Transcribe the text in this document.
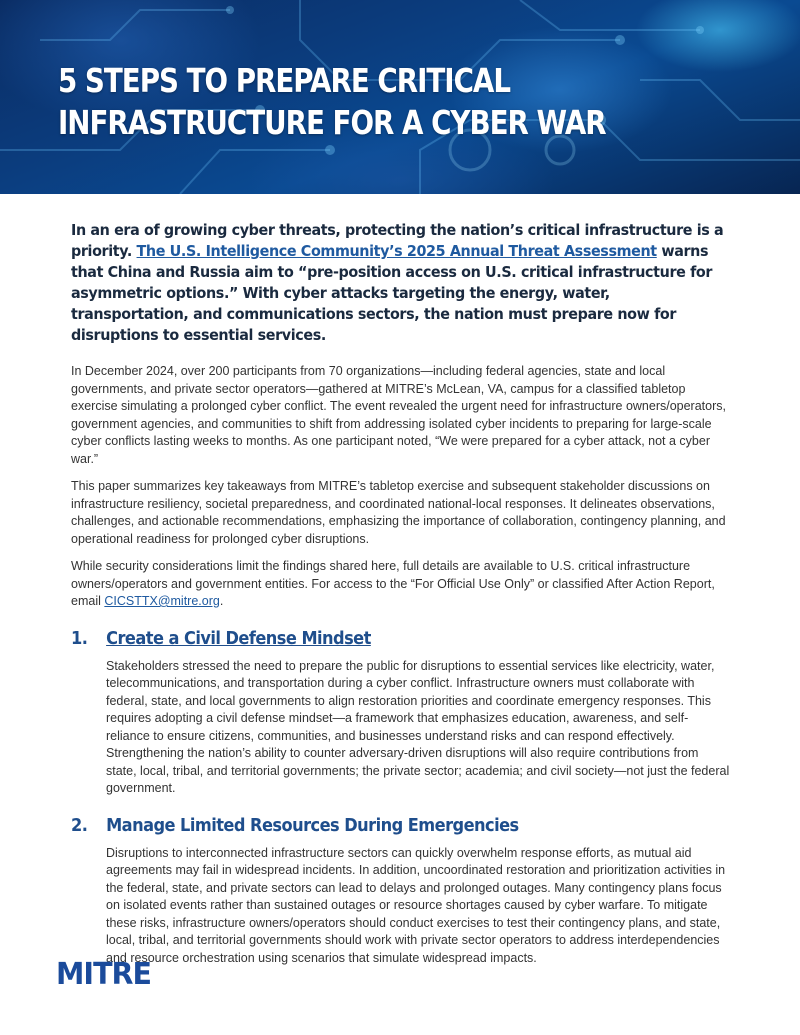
5 STEPS TO PREPARE CRITICAL
INFRASTRUCTURE FOR A CYBER WAR

In an era of growing cyber threats, protecting the nation’s critical infrastructure is a priority. The U.S. Intelligence Community’s 2025 Annual Threat Assessment warns that China and Russia aim to “pre-position access on U.S. critical infrastructure for asymmetric options.” With cyber attacks targeting the energy, water, transportation, and communications sectors, the nation must prepare now for disruptions to essential services.

In December 2024, over 200 participants from 70 organizations—including federal agencies, state and local governments, and private sector operators—gathered at MITRE’s McLean, VA, campus for a classified tabletop exercise simulating a prolonged cyber conflict. The event revealed the urgent need for infrastructure owners/operators, government agencies, and communities to shift from addressing isolated cyber incidents to preparing for large-scale cyber conflicts lasting weeks to months. As one participant noted, “We were prepared for a cyber attack, not a cyber war.”

This paper summarizes key takeaways from MITRE’s tabletop exercise and subsequent stakeholder discussions on infrastructure resiliency, societal preparedness, and coordinated national-local responses. It delineates observations, challenges, and actionable recommendations, emphasizing the importance of collaboration, contingency planning, and operational readiness for prolonged cyber disruptions.

While security considerations limit the findings shared here, full details are available to U.S. critical infrastructure owners/operators and government entities. For access to the “For Official Use Only” or classified After Action Report, email CICSTTX@mitre.org.

1.	Create a Civil Defense Mindset

Stakeholders stressed the need to prepare the public for disruptions to essential services like electricity, water, telecommunications, and transportation during a cyber conflict. Infrastructure owners must collaborate with federal, state, and local governments to align restoration priorities and coordinate emergency responses. This requires adopting a civil defense mindset—a framework that emphasizes education, awareness, and self-reliance to ensure citizens, communities, and businesses understand risks and can respond effectively. Strengthening the nation’s ability to counter adversary-driven disruptions will also require contributions from state, local, tribal, and territorial governments; the private sector; academia; and civil society—not just the federal government.

2.	Manage Limited Resources During Emergencies

Disruptions to interconnected infrastructure sectors can quickly overwhelm response efforts, as mutual aid agreements may fail in widespread incidents. In addition, uncoordinated restoration and prioritization activities in the federal, state, and private sectors can lead to delays and prolonged outages. Many contingency plans focus on isolated events rather than sustained outages or resource shortages caused by cyber warfare. To mitigate these risks, infrastructure owners/operators should conduct exercises to test their contingency plans, and state, local, tribal, and territorial governments should work with private sector operators to address interdependencies and resource orchestration using scenarios that simulate widespread impacts.

MITRE
